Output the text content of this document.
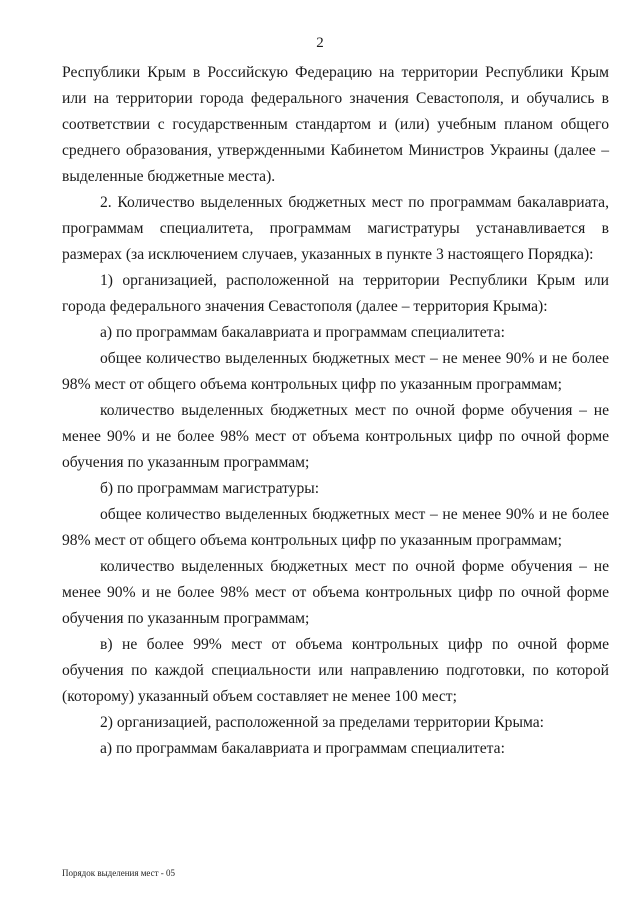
2

Республики Крым в Российскую Федерацию на территории Республики Крым или на территории города федерального значения Севастополя, и обучались в соответствии с государственным стандартом и (или) учебным планом общего среднего образования, утвержденными Кабинетом Министров Украины (далее – выделенные бюджетные места).

2. Количество выделенных бюджетных мест по программам бакалавриата, программам специалитета, программам магистратуры устанавливается в размерах (за исключением случаев, указанных в пункте 3 настоящего Порядка):

1) организацией, расположенной на территории Республики Крым или города федерального значения Севастополя (далее – территория Крыма):

а) по программам бакалавриата и программам специалитета:

общее количество выделенных бюджетных мест – не менее 90% и не более 98% мест от общего объема контрольных цифр по указанным программам;

количество выделенных бюджетных мест по очной форме обучения – не менее 90% и не более 98% мест от объема контрольных цифр по очной форме обучения по указанным программам;

б) по программам магистратуры:

общее количество выделенных бюджетных мест – не менее 90% и не более 98% мест от общего объема контрольных цифр по указанным программам;

количество выделенных бюджетных мест по очной форме обучения – не менее 90% и не более 98% мест от объема контрольных цифр по очной форме обучения по указанным программам;

в) не более 99% мест от объема контрольных цифр по очной форме обучения по каждой специальности или направлению подготовки, по которой (которому) указанный объем составляет не менее 100 мест;

2) организацией, расположенной за пределами территории Крыма:

а) по программам бакалавриата и программам специалитета:

Порядок выделения мест - 05
